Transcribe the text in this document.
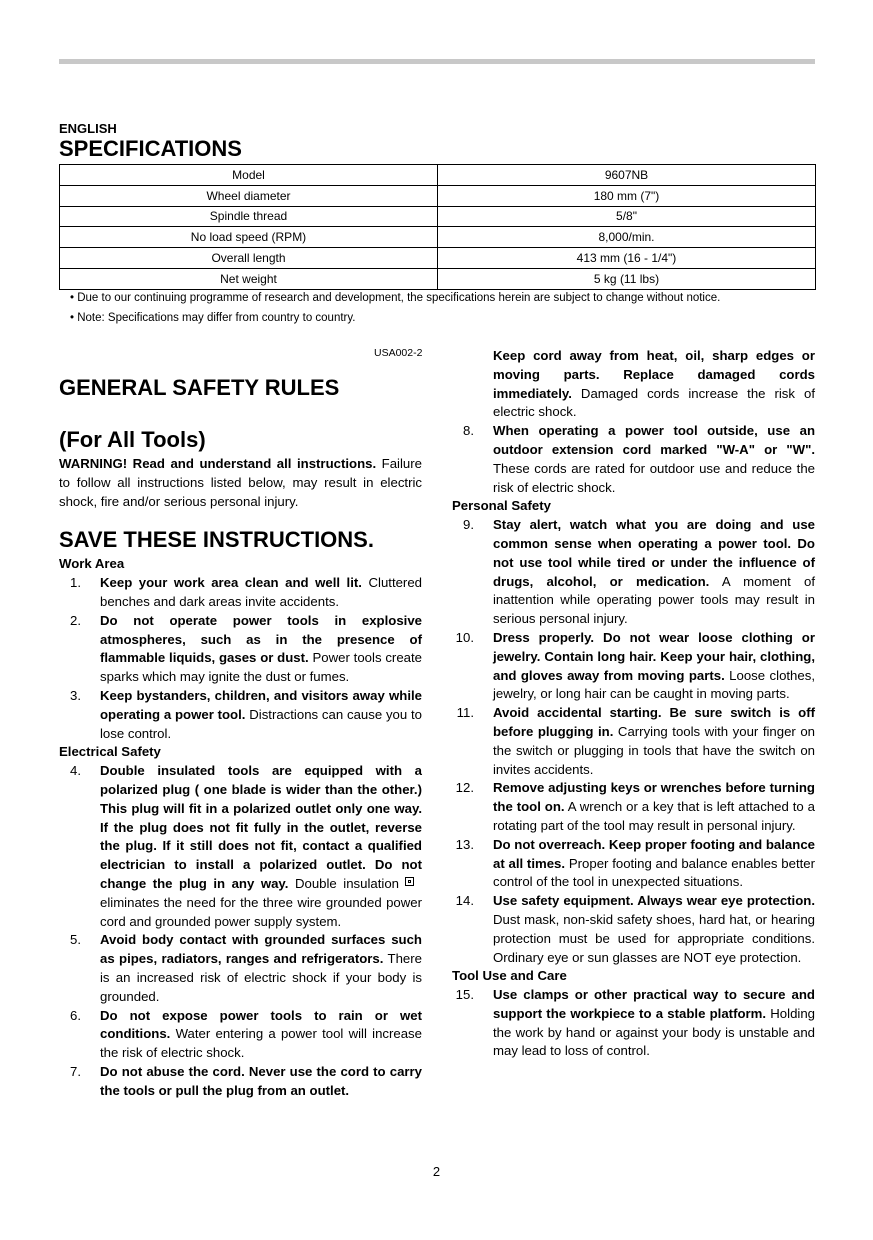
ENGLISH
SPECIFICATIONS
Model	9607NB
Wheel diameter	180 mm (7")
Spindle thread	5/8"
No load speed (RPM)	8,000/min.
Overall length	413 mm (16 - 1/4")
Net weight	5 kg (11 lbs)
• Due to our continuing programme of research and development, the specifications herein are subject to change without notice.
• Note: Specifications may differ from country to country.
USA002-2
GENERAL SAFETY RULES
(For All Tools)

WARNING! Read and understand all instructions. Failure to follow all instructions listed below, may result in electric shock, fire and/or serious personal injury.

SAVE THESE INSTRUCTIONS.
Work Area
1. Keep your work area clean and well lit. Cluttered benches and dark areas invite accidents.
2. Do not operate power tools in explosive atmospheres, such as in the presence of flammable liquids, gases or dust. Power tools create sparks which may ignite the dust or fumes.
3. Keep bystanders, children, and visitors away while operating a power tool. Distractions can cause you to lose control.
Electrical Safety
4. Double insulated tools are equipped with a polarized plug ( one blade is wider than the other.) This plug will fit in a polarized outlet only one way. If the plug does not fit fully in the outlet, reverse the plug. If it still does not fit, contact a qualified electrician to install a polarized outlet. Do not change the plug in any way. Double insulationeliminates the need for the three wire grounded power cord and grounded power supply system.
5. Avoid body contact with grounded surfaces such as pipes, radiators, ranges and refrigerators. There is an increased risk of electric shock if your body is grounded.
6. Do not expose power tools to rain or wet conditions. Water entering a power tool will increase the risk of electric shock.
7. Do not abuse the cord. Never use the cord to carry the tools or pull the plug from an outlet.
Keep cord away from heat, oil, sharp edges or moving parts. Replace damaged cords immediately. Damaged cords increase the risk of electric shock.
8. When operating a power tool outside, use an outdoor extension cord marked "W-A" or "W". These cords are rated for outdoor use and reduce the risk of electric shock.
Personal Safety
9. Stay alert, watch what you are doing and use common sense when operating a power tool. Do not use tool while tired or under the influence of drugs, alcohol, or medication. A moment of inattention while operating power tools may result in serious personal injury.
10. Dress properly. Do not wear loose clothing or jewelry. Contain long hair. Keep your hair, clothing, and gloves away from moving parts. Loose clothes, jewelry, or long hair can be caught in moving parts.
11. Avoid accidental starting. Be sure switch is off before plugging in. Carrying tools with your finger on the switch or plugging in tools that have the switch on invites accidents.
12. Remove adjusting keys or wrenches before turning the tool on. A wrench or a key that is left attached to a rotating part of the tool may result in personal injury.
13. Do not overreach. Keep proper footing and balance at all times. Proper footing and balance enables better control of the tool in unexpected situations.
14. Use safety equipment. Always wear eye protection. Dust mask, non-skid safety shoes, hard hat, or hearing protection must be used for appropriate conditions. Ordinary eye or sun glasses are NOT eye protection.
Tool Use and Care
15. Use clamps or other practical way to secure and support the workpiece to a stable platform. Holding the work by hand or against your body is unstable and may lead to loss of control.
2
